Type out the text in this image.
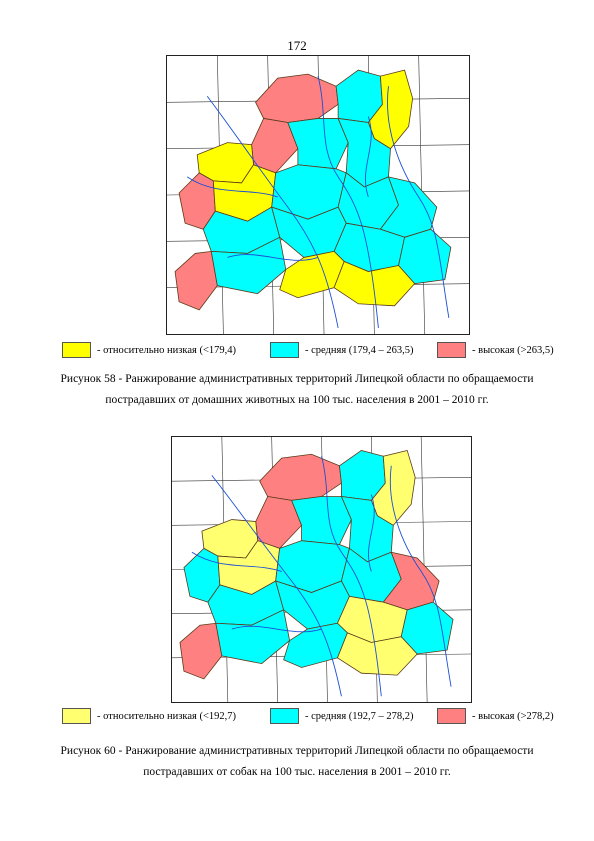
172
- относительно низкая (<179,4)	- средняя (179,4 – 263,5)	- высокая (>263,5)
Рисунок 58 - Ранжирование административных территорий Липецкой области по обращаемости
пострадавших от домашних животных на 100 тыс. населения в 2001 – 2010 гг.
- относительно низкая (<192,7)	- средняя (192,7 – 278,2)	- высокая (>278,2)
Рисунок 60 - Ранжирование административных территорий Липецкой области по обращаемости
пострадавших от собак на 100 тыс. населения в 2001 – 2010 гг.
